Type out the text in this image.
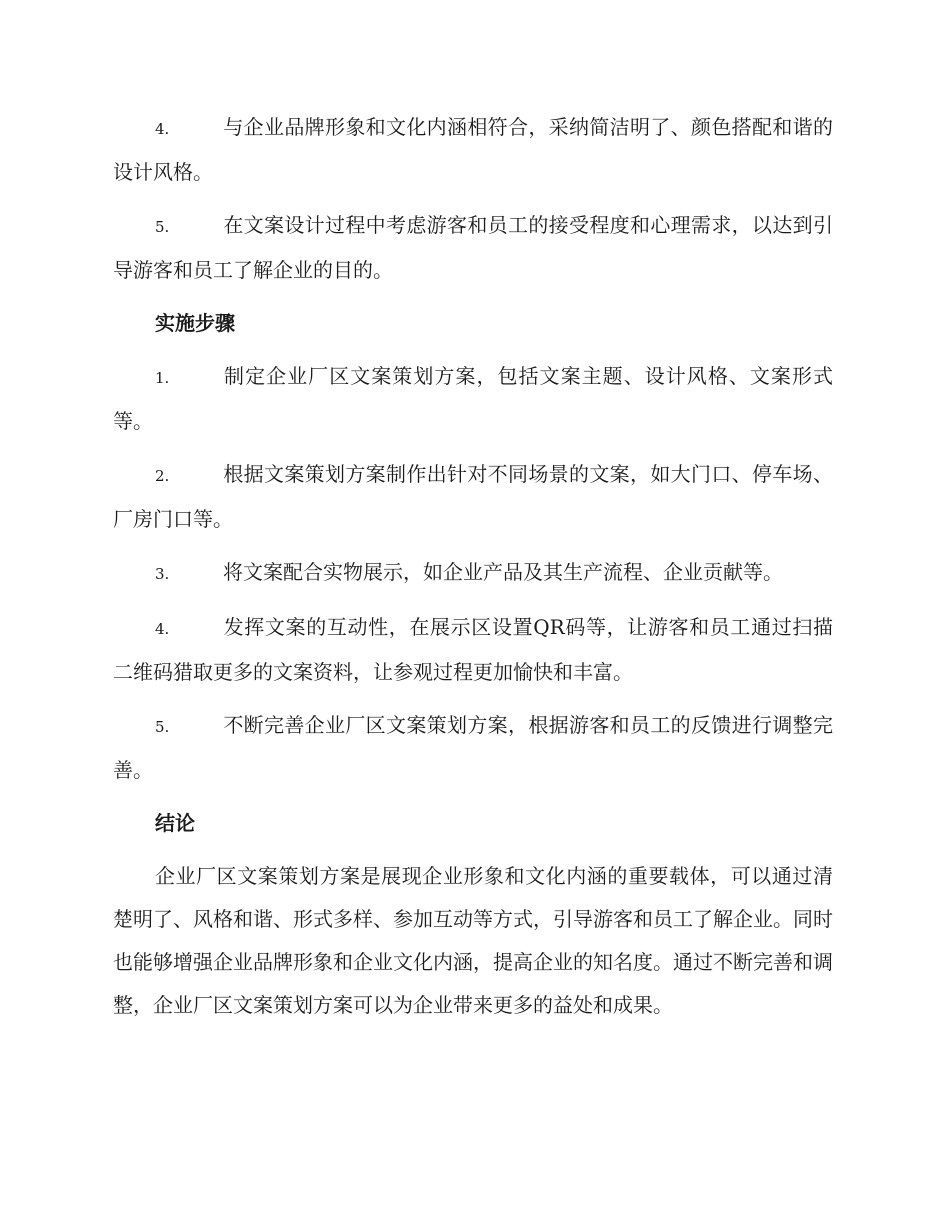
4.	与企业品牌形象和文化内涵相符合，采纳简洁明了、颜色搭配和谐的设计风格。

5.	在文案设计过程中考虑游客和员工的接受程度和心理需求，以达到引导游客和员工了解企业的目的。

实施步骤

1.	制定企业厂区文案策划方案，包括文案主题、设计风格、文案形式等。

2.	根据文案策划方案制作出针对不同场景的文案，如大门口、停车场、厂房门口等。

3.	将文案配合实物展示，如企业产品及其生产流程、企业贡献等。

4.	发挥文案的互动性，在展示区设置QR码等，让游客和员工通过扫描二维码猎取更多的文案资料，让参观过程更加愉快和丰富。

5.	不断完善企业厂区文案策划方案，根据游客和员工的反馈进行调整完善。

结论

企业厂区文案策划方案是展现企业形象和文化内涵的重要载体，可以通过清楚明了、风格和谐、形式多样、参加互动等方式，引导游客和员工了解企业。同时也能够增强企业品牌形象和企业文化内涵，提高企业的知名度。通过不断完善和调整，企业厂区文案策划方案可以为企业带来更多的益处和成果。
